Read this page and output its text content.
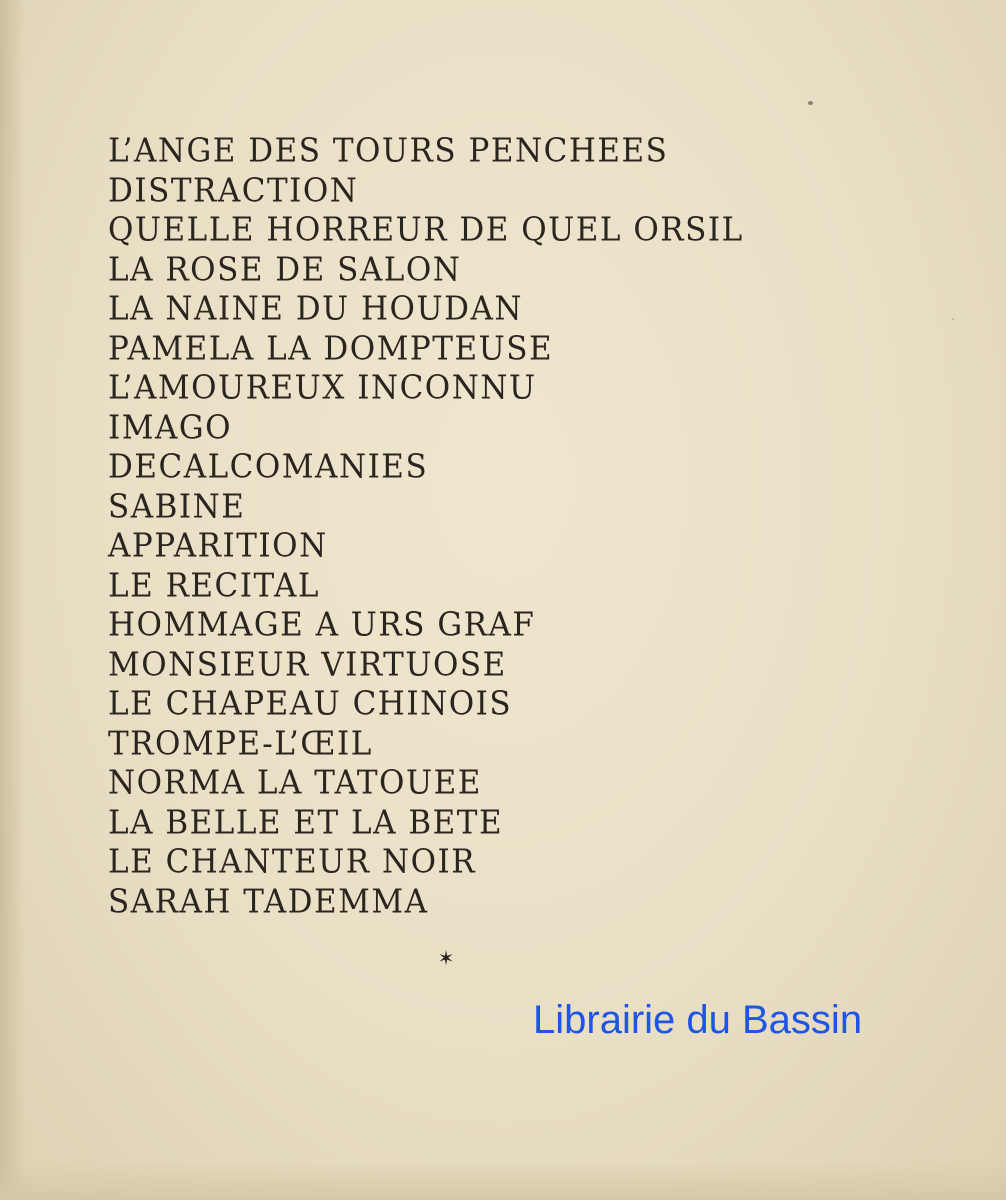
L’ANGE DES TOURS PENCHEES
DISTRACTION
QUELLE HORREUR DE QUEL ORSIL
LA ROSE DE SALON
LA NAINE DU HOUDAN
PAMELA LA DOMPTEUSE
L’AMOUREUX INCONNU
IMAGO
DECALCOMANIES
SABINE
APPARITION
LE RECITAL
HOMMAGE A URS GRAF
MONSIEUR VIRTUOSE
LE CHAPEAU CHINOIS
TROMPE-L’ŒIL
NORMA LA TATOUEE
LA BELLE ET LA BETE
LE CHANTEUR NOIR
SARAH TADEMMA
✶
Librairie du Bassin
